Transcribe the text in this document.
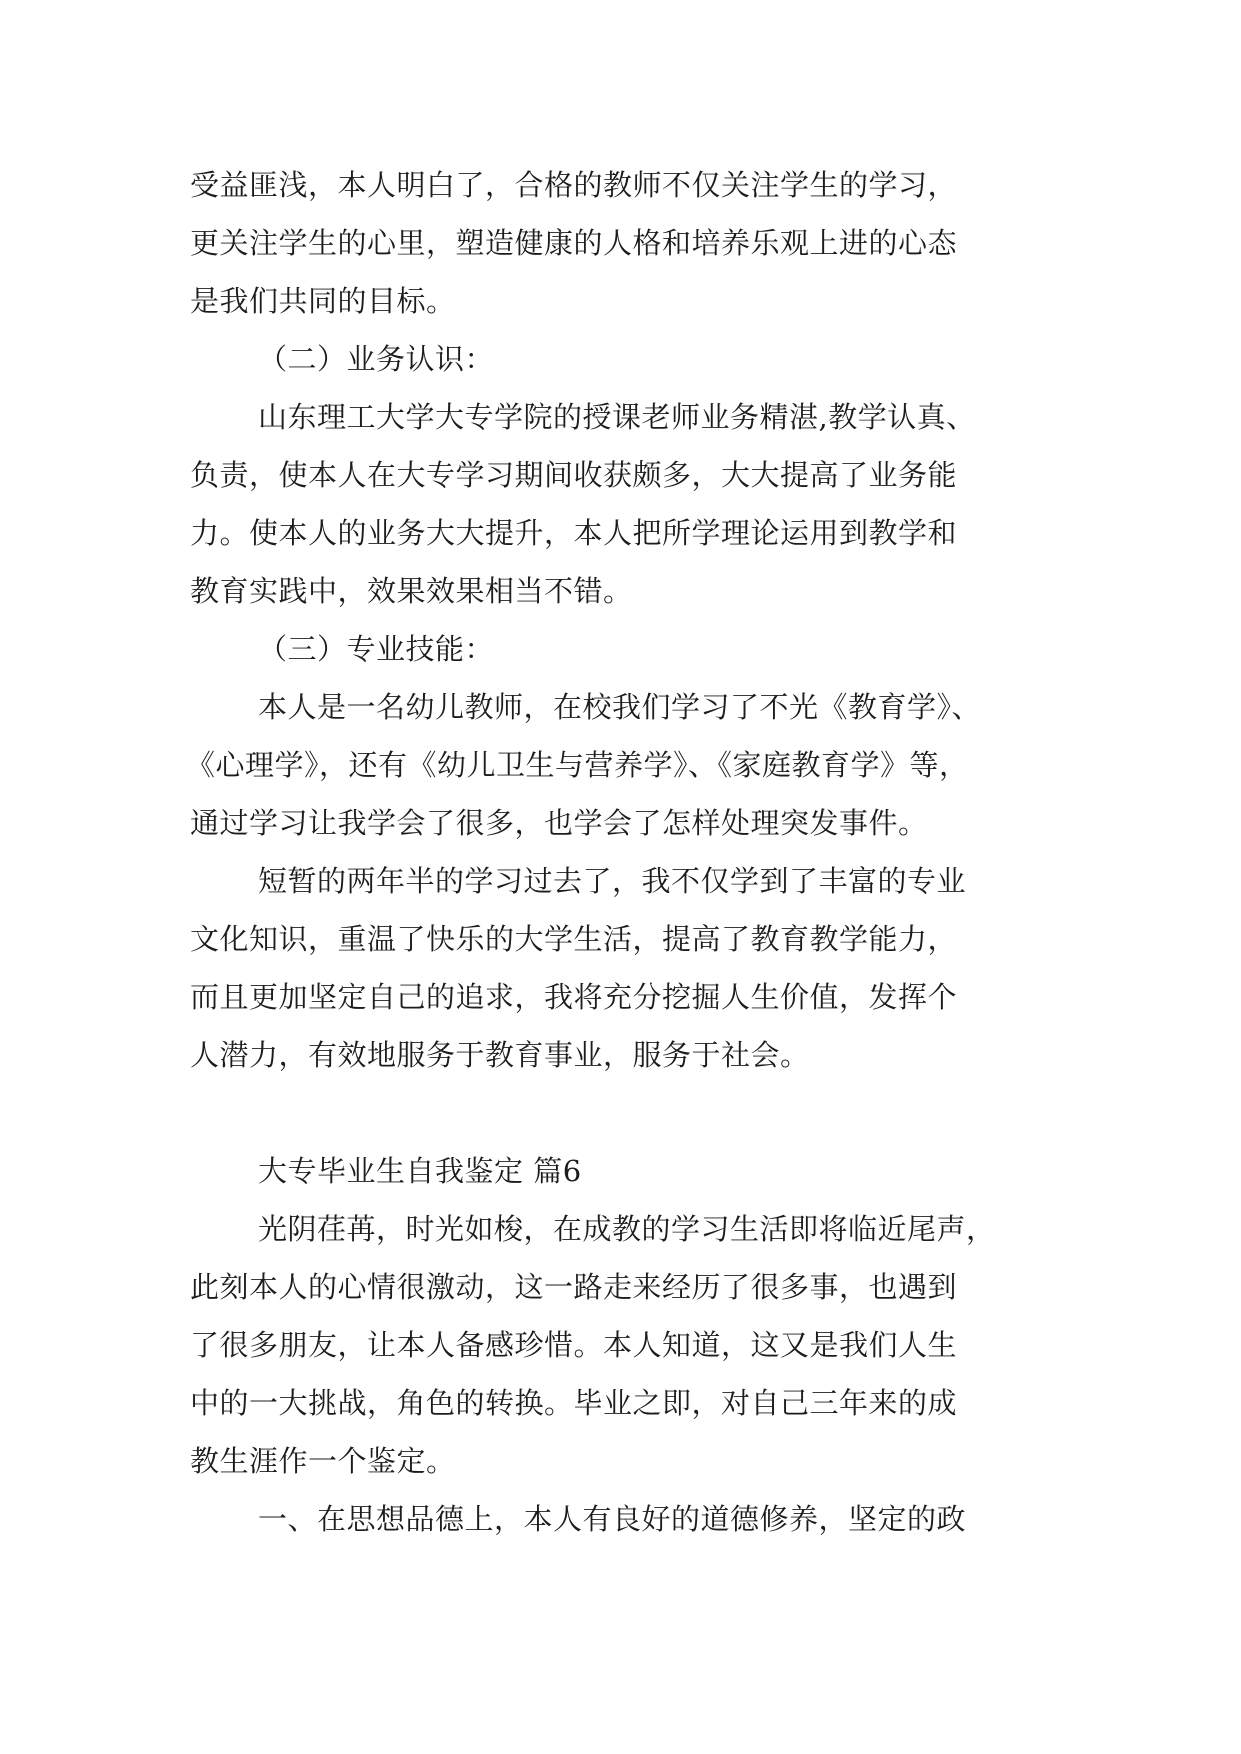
受益匪浅，本人明白了，合格的教师不仅关注学生的学习，
更关注学生的心里，塑造健康的人格和培养乐观上进的心态
是我们共同的目标。
（二）业务认识：
山东理工大学大专学院的授课老师业务精湛,教学认真、
负责，使本人在大专学习期间收获颇多，大大提高了业务能
力。使本人的业务大大提升，本人把所学理论运用到教学和
教育实践中，效果效果相当不错。
（三）专业技能：
本人是一名幼儿教师，在校我们学习了不光《教育学》、
《心理学》，还有《幼儿卫生与营养学》、《家庭教育学》等，
通过学习让我学会了很多，也学会了怎样处理突发事件。
短暂的两年半的学习过去了，我不仅学到了丰富的专业
文化知识，重温了快乐的大学生活，提高了教育教学能力，
而且更加坚定自己的追求，我将充分挖掘人生价值，发挥个
人潜力，有效地服务于教育事业，服务于社会。
大专毕业生自我鉴定 篇6
光阴荏苒，时光如梭，在成教的学习生活即将临近尾声，
此刻本人的心情很激动，这一路走来经历了很多事，也遇到
了很多朋友，让本人备感珍惜。本人知道，这又是我们人生
中的一大挑战，角色的转换。毕业之即，对自己三年来的成
教生涯作一个鉴定。
一、在思想品德上，本人有良好的道德修养，坚定的政
